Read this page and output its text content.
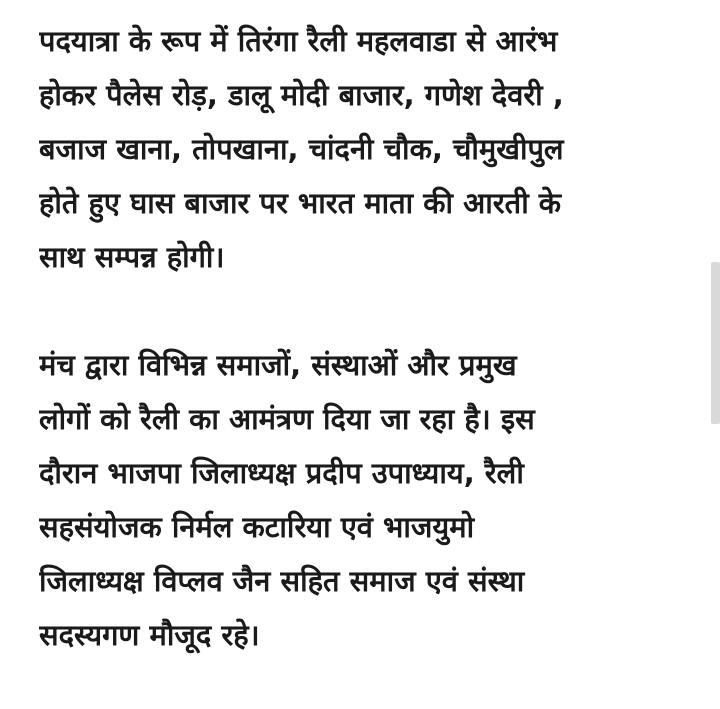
पदयात्रा के रूप में तिरंगा रैली महलवाडा से आरंभ
होकर पैलेस रोड़, डालू मोदी बाजार, गणेश देवरी ,
बजाज खाना, तोपखाना, चांदनी चौक, चौमुखीपुल
होते हुए घास बाजार पर भारत माता की आरती के
साथ सम्पन्न होगी।
मंच द्वारा विभिन्न समाजों, संस्थाओं और प्रमुख
लोगों को रैली का आमंत्रण दिया जा रहा है। इस
दौरान भाजपा जिलाध्यक्ष प्रदीप उपाध्याय, रैली
सहसंयोजक निर्मल कटारिया एवं भाजयुमो
जिलाध्यक्ष विप्लव जैन सहित समाज एवं संस्था
सदस्यगण मौजूद रहे।
